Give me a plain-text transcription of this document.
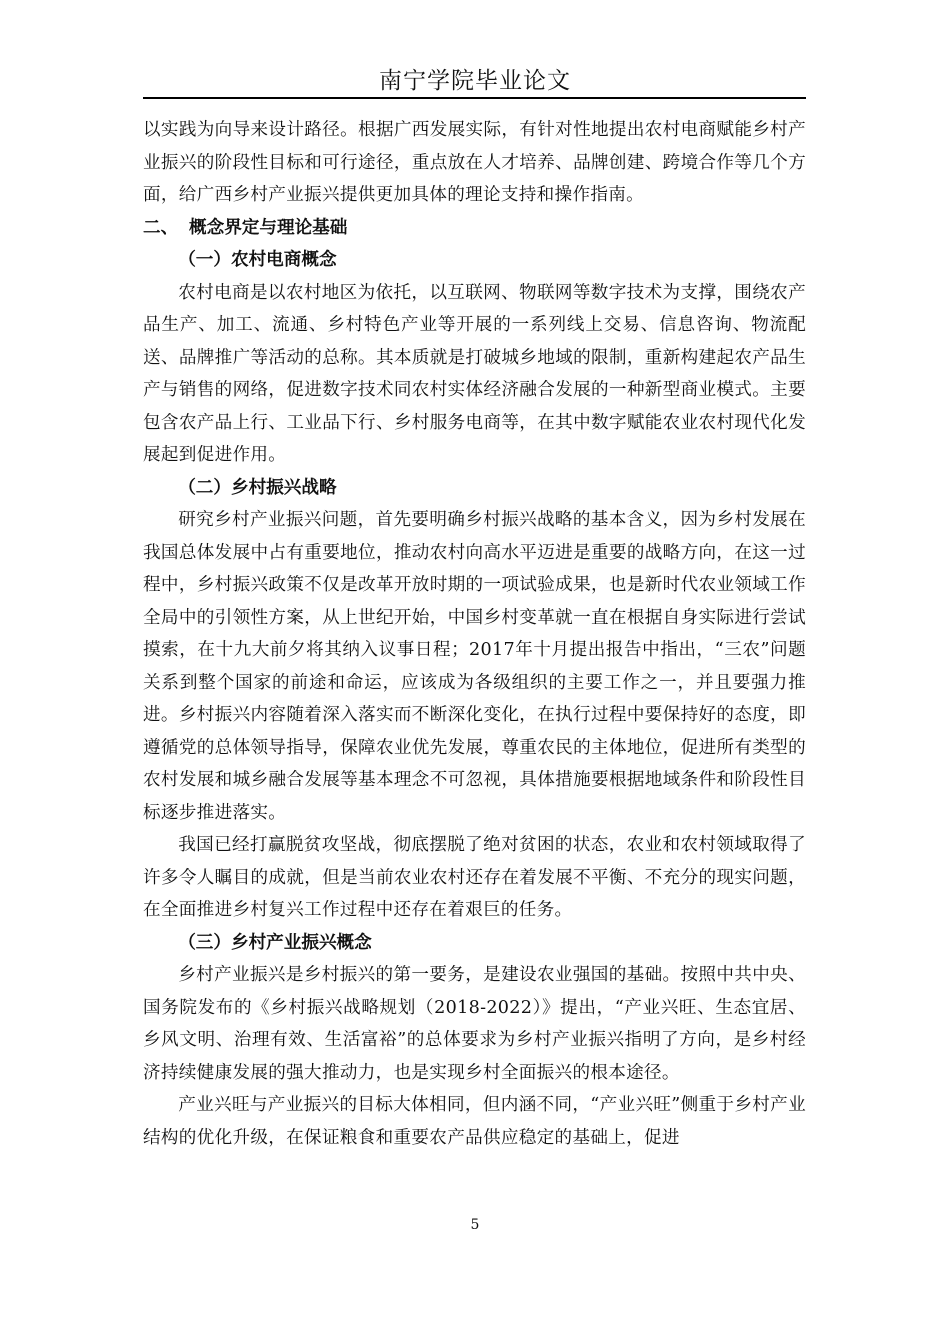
南宁学院毕业论文

以实践为向导来设计路径。根据广西发展实际，有针对性地提出农村电商赋能乡村产业振兴的阶段性目标和可行途径，重点放在人才培养、品牌创建、跨境合作等几个方面，给广西乡村产业振兴提供更加具体的理论支持和操作指南。

二、 概念界定与理论基础
（一）农村电商概念

农村电商是以农村地区为依托，以互联网、物联网等数字技术为支撑，围绕农产品生产、加工、流通、乡村特色产业等开展的一系列线上交易、信息咨询、物流配送、品牌推广等活动的总称。其本质就是打破城乡地域的限制，重新构建起农产品生产与销售的网络，促进数字技术同农村实体经济融合发展的一种新型商业模式。主要包含农产品上行、工业品下行、乡村服务电商等，在其中数字赋能农业农村现代化发展起到促进作用。

（二）乡村振兴战略

研究乡村产业振兴问题，首先要明确乡村振兴战略的基本含义，因为乡村发展在我国总体发展中占有重要地位，推动农村向高水平迈进是重要的战略方向，在这一过程中，乡村振兴政策不仅是改革开放时期的一项试验成果，也是新时代农业领域工作全局中的引领性方案，从上世纪开始，中国乡村变革就一直在根据自身实际进行尝试摸索，在十九大前夕将其纳入议事日程；2017年十月提出报告中指出，“三农”问题关系到整个国家的前途和命运，应该成为各级组织的主要工作之一，并且要强力推进。乡村振兴内容随着深入落实而不断深化变化，在执行过程中要保持好的态度，即遵循党的总体领导指导，保障农业优先发展，尊重农民的主体地位，促进所有类型的农村发展和城乡融合发展等基本理念不可忽视，具体措施要根据地域条件和阶段性目标逐步推进落实。

我国已经打赢脱贫攻坚战，彻底摆脱了绝对贫困的状态，农业和农村领域取得了许多令人瞩目的成就，但是当前农业农村还存在着发展不平衡、不充分的现实问题，在全面推进乡村复兴工作过程中还存在着艰巨的任务。

（三）乡村产业振兴概念

乡村产业振兴是乡村振兴的第一要务，是建设农业强国的基础。按照中共中央、国务院发布的《乡村振兴战略规划（2018-2022）》提出，“产业兴旺、生态宜居、乡风文明、治理有效、生活富裕”的总体要求为乡村产业振兴指明了方向，是乡村经济持续健康发展的强大推动力，也是实现乡村全面振兴的根本途径。

产业兴旺与产业振兴的目标大体相同，但内涵不同，“产业兴旺”侧重于乡村产业结构的优化升级，在保证粮食和重要农产品供应稳定的基础上，促进

5
